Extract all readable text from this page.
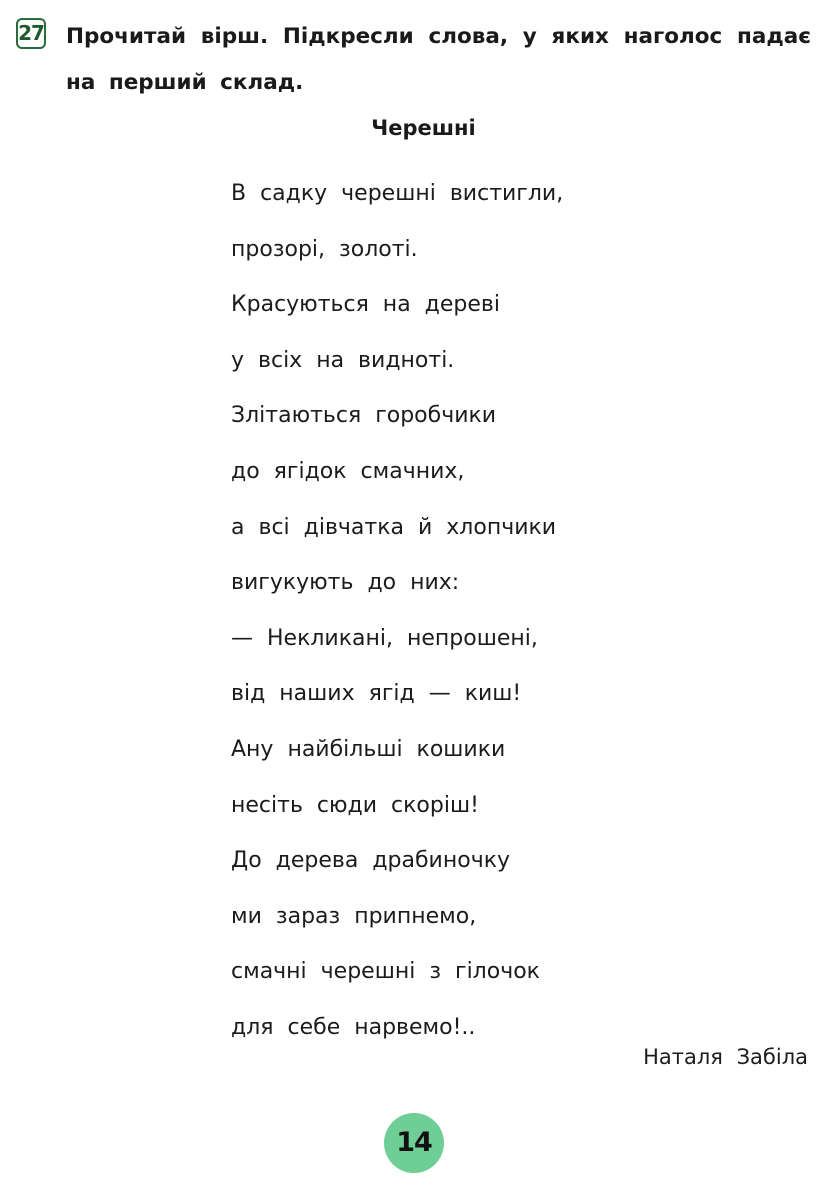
27 Прочитай вірш. Підкресли слова, у яких наголос падає на перший склад.
Черешні
В садку черешні вистигли,
прозорі, золоті.
Красуються на дереві
у всіх на видноті.
Злітаються горобчики
до ягідок смачних,
а всі дівчатка й хлопчики
вигукують до них:
— Некликані, непрошені,
від наших ягід — киш!
Ану найбільші кошики
несіть сюди скоріш!
До дерева драбиночку
ми зараз припнемо,
смачні черешні з гілочок
для себе нарвемо!..
Наталя Забіла
14
